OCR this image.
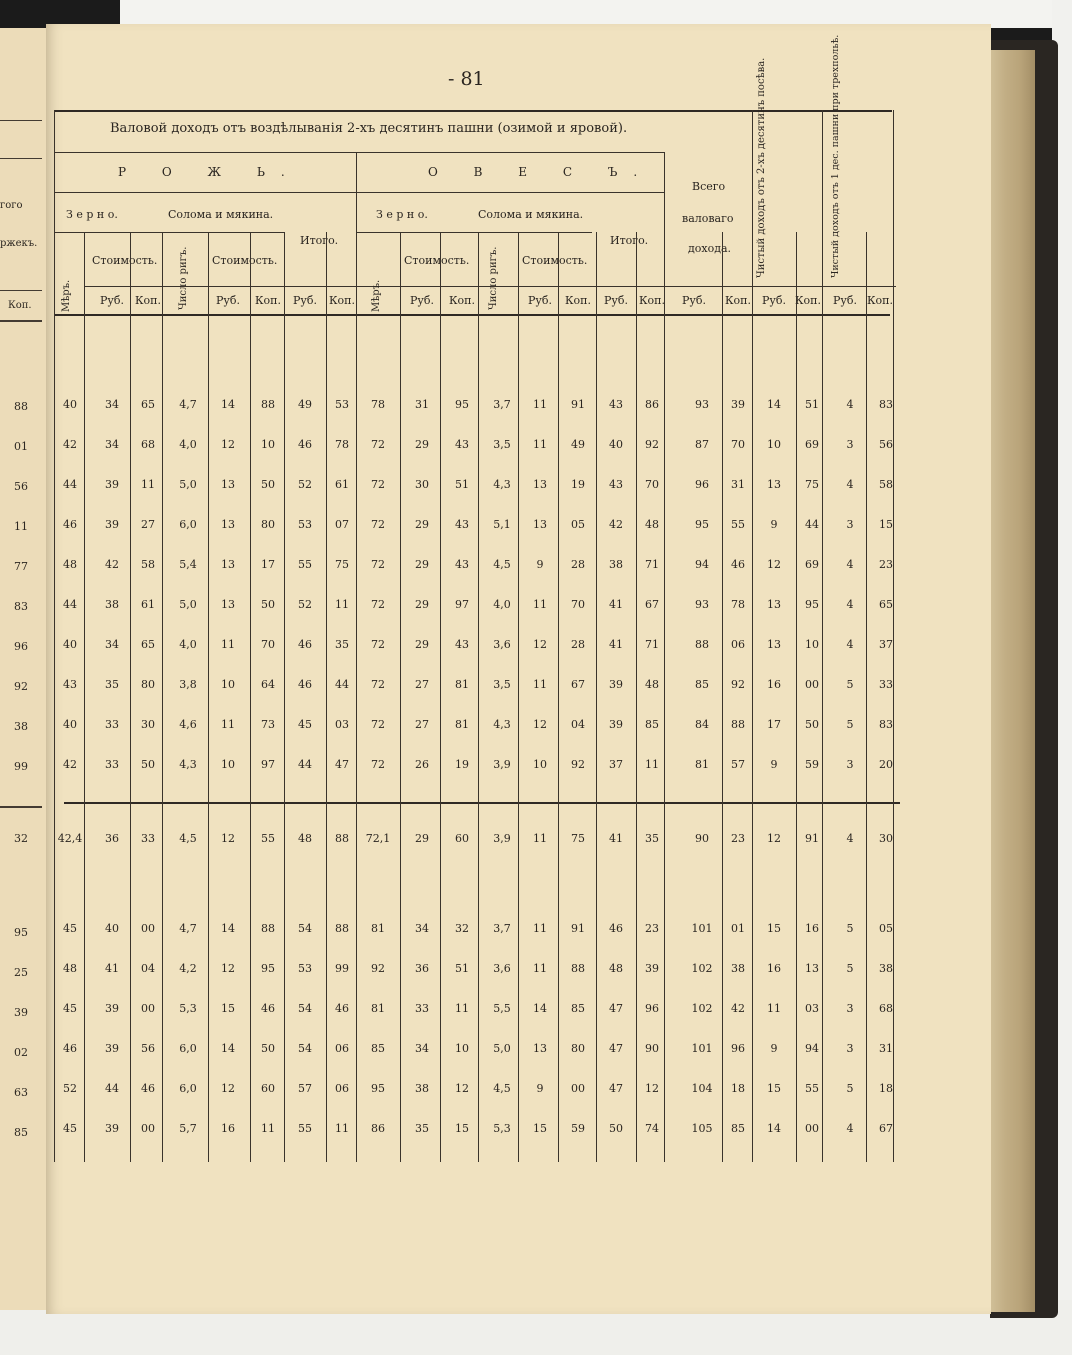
гого
ржекъ.
Коп.
88
01
56
11
77
83
96
92
38
99
32
95
25
39
02
63
85
- 81
Валовой доходъ отъ воздѣлыванія 2-хъ десятинъ пашни (озимой и яровой).
Р О Ж Ь.	О В Е С Ъ.
З е р н о.	Солома и мякина.	З е р н о.	Солома и мякина.
Итого.	Итого.
Стоимость.	Стоимость.	Стоимость.	Стоимость.
Всего
валоваго
дохода.
Мѣръ.	Мѣръ.
Число ригъ.	Число ригъ.
Чистый доходъ отъ 2-хъ десятинъ посѣва.	Чистый доходъ отъ 1 дес. пашни при трехпольѣ.
Руб.	Коп.	Руб.	Коп.	Руб.	Коп.	Руб.	Коп.	Руб.	Коп.	Руб.	Коп.	Руб.	Коп.	Руб. Коп.	Руб. Коп.
40	34	65	4,7	14	88	49	53	78	31	95	3,7	11	91	43	86	93	39	14	51	4	83
42	34	68	4,0	12	10	46	78	72	29	43	3,5	11	49	40	92	87	70	10	69	3	56
44	39	11	5,0	13	50	52	61	72	30	51	4,3	13	19	43	70	96	31	13	75	4	58
46	39	27	6,0	13	80	53	07	72	29	43	5,1	13	05	42	48	95	55	9	44	3	15
48	42	58	5,4	13	17	55	75	72	29	43	4,5	9	28	38	71	94	46	12	69	4	23
44	38	61	5,0	13	50	52	11	72	29	97	4,0	11	70	41	67	93	78	13	95	4	65
40	34	65	4,0	11	70	46	35	72	29	43	3,6	12	28	41	71	88	06	13	10	4	37
43	35	80	3,8	10	64	46	44	72	27	81	3,5	11	67	39	48	85	92	16	00	5	33
40	33	30	4,6	11	73	45	03	72	27	81	4,3	12	04	39	85	84	88	17	50	5	83
42	33	50	4,3	10	97	44	47	72	26	19	3,9	10	92	37	11	81	57	9	59	3	20
42,4	36	33	4,5	12	55	48	88	72,1	29	60	3,9	11	75	41	35	90	23	12	91	4	30
45	40	00	4,7	14	88	54	88	81	34	32	3,7	11	91	46	23	101	01	15	16	5	05
48	41	04	4,2	12	95	53	99	92	36	51	3,6	11	88	48	39	102	38	16	13	5	38
45	39	00	5,3	15	46	54	46	81	33	11	5,5	14	85	47	96	102	42	11	03	3	68
46	39	56	6,0	14	50	54	06	85	34	10	5,0	13	80	47	90	101	96	9	94	3	31
52	44	46	6,0	12	60	57	06	95	38	12	4,5	9	00	47	12	104	18	15	55	5	18
45	39	00	5,7	16	11	55	11	86	35	15	5,3	15	59	50	74	105	85	14	00	4	67
